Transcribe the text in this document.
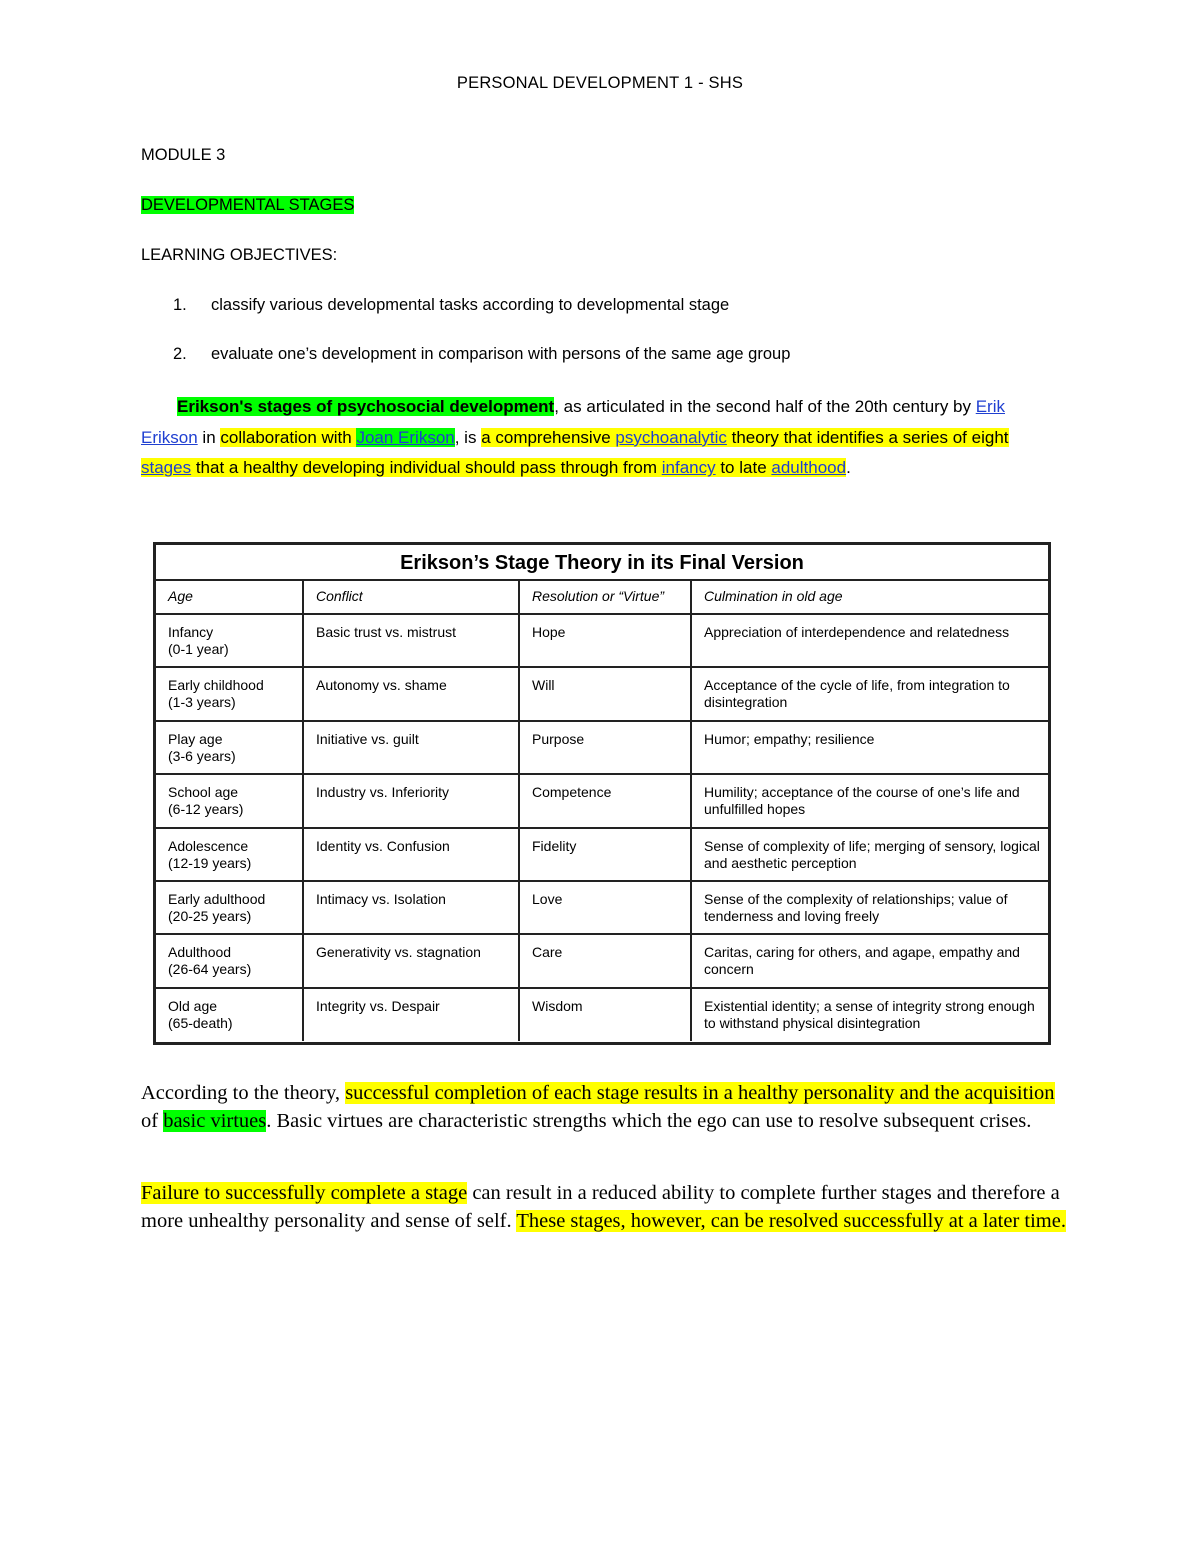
PERSONAL DEVELOPMENT 1 - SHS
MODULE 3
DEVELOPMENTAL STAGES
LEARNING OBJECTIVES:
1. classify various developmental tasks according to developmental stage
2. evaluate one’s development in comparison with persons of the same age group
Erikson's stages of psychosocial development, as articulated in the second half of the 20th century by Erik Erikson in collaboration with Joan Erikson, is a comprehensive psychoanalytic theory that identifies a series of eight stages that a healthy developing individual should pass through from infancy to late adulthood.
Erikson’s Stage Theory in its Final Version
Age	Conflict	Resolution or “Virtue”	Culmination in old age

Infancy
(0-1 year)	Basic trust vs. mistrust	Hope	Appreciation of interdependence and relatedness

Early childhood
(1-3 years)	Autonomy vs. shame	Will	Acceptance of the cycle of life, from integration to disintegration

Play age
(3-6 years)	Initiative vs. guilt	Purpose	Humor; empathy; resilience

School age
(6-12 years)	Industry vs. Inferiority	Competence	Humility; acceptance of the course of one’s life and unfulfilled hopes

Adolescence
(12-19 years)	Identity vs. Confusion	Fidelity	Sense of complexity of life; merging of sensory, logical and aesthetic perception

Early adulthood
(20-25 years)	Intimacy vs. Isolation	Love	Sense of the complexity of relationships; value of tenderness and loving freely

Adulthood
(26-64 years)	Generativity vs. stagnation	Care	Caritas, caring for others, and agape, empathy and concern

Old age
(65-death)	Integrity vs. Despair	Wisdom	Existential identity; a sense of integrity strong enough to withstand physical disintegration
According to the theory, successful completion of each stage results in a healthy personality and the acquisition of basic virtues. Basic virtues are characteristic strengths which the ego can use to resolve subsequent crises.
Failure to successfully complete a stage can result in a reduced ability to complete further stages and therefore a more unhealthy personality and sense of self. These stages, however, can be resolved successfully at a later time.
